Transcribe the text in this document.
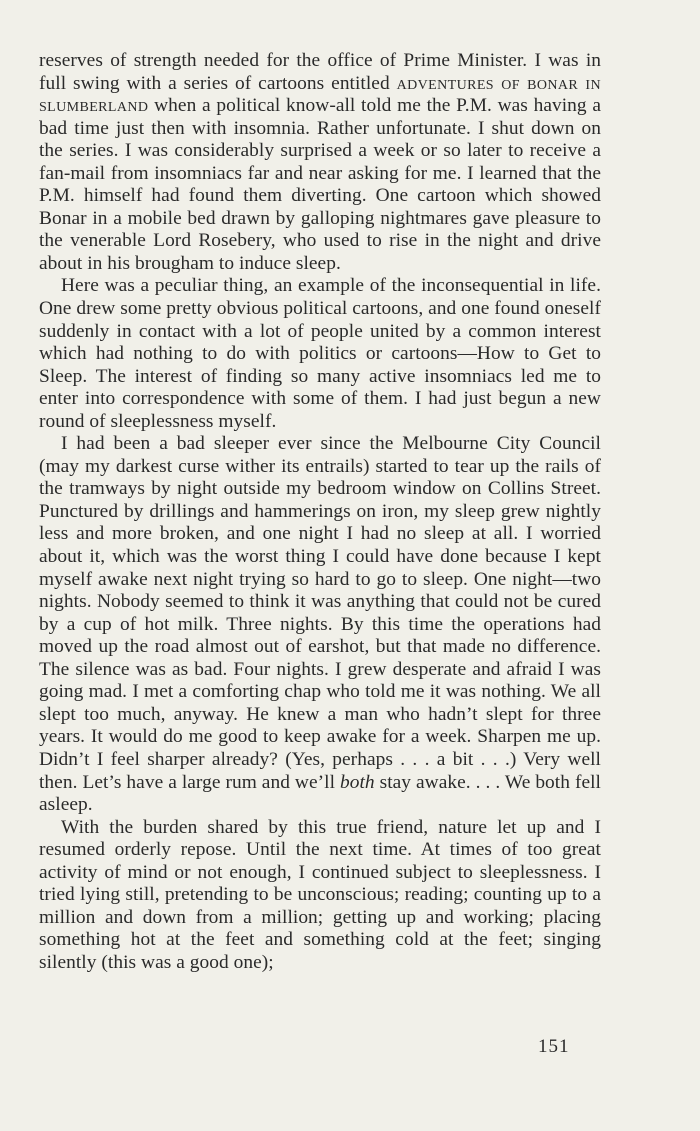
reserves of strength needed for the office of Prime Minister. I was in full swing with a series of cartoons entitled adventures of bonar in slumberland when a political know-all told me the P.M. was having a bad time just then with insomnia. Rather unfortunate. I shut down on the series. I was considerably surprised a week or so later to receive a fan-mail from insomniacs far and near asking for me. I learned that the P.M. himself had found them diverting. One cartoon which showed Bonar in a mobile bed drawn by galloping nightmares gave pleasure to the venerable Lord Rosebery, who used to rise in the night and drive about in his brougham to induce sleep.

Here was a peculiar thing, an example of the inconsequential in life. One drew some pretty obvious political cartoons, and one found oneself suddenly in contact with a lot of people united by a common interest which had nothing to do with politics or cartoons—How to Get to Sleep. The interest of finding so many active insomniacs led me to enter into correspondence with some of them. I had just begun a new round of sleeplessness myself.

I had been a bad sleeper ever since the Melbourne City Council (may my darkest curse wither its entrails) started to tear up the rails of the tramways by night outside my bedroom window on Collins Street. Punctured by drillings and hammerings on iron, my sleep grew nightly less and more broken, and one night I had no sleep at all. I worried about it, which was the worst thing I could have done because I kept myself awake next night trying so hard to go to sleep. One night—two nights. Nobody seemed to think it was anything that could not be cured by a cup of hot milk. Three nights. By this time the operations had moved up the road almost out of earshot, but that made no difference. The silence was as bad. Four nights. I grew desperate and afraid I was going mad. I met a comforting chap who told me it was nothing. We all slept too much, anyway. He knew a man who hadn’t slept for three years. It would do me good to keep awake for a week. Sharpen me up. Didn’t I feel sharper already? (Yes, perhaps . . . a bit . . .) Very well then. Let’s have a large rum and we’ll both stay awake. . . . We both fell asleep.

With the burden shared by this true friend, nature let up and I resumed orderly repose. Until the next time. At times of too great activity of mind or not enough, I continued subject to sleeplessness. I tried lying still, pretending to be unconscious; reading; counting up to a million and down from a million; getting up and working; placing something hot at the feet and something cold at the feet; singing silently (this was a good one);

151
